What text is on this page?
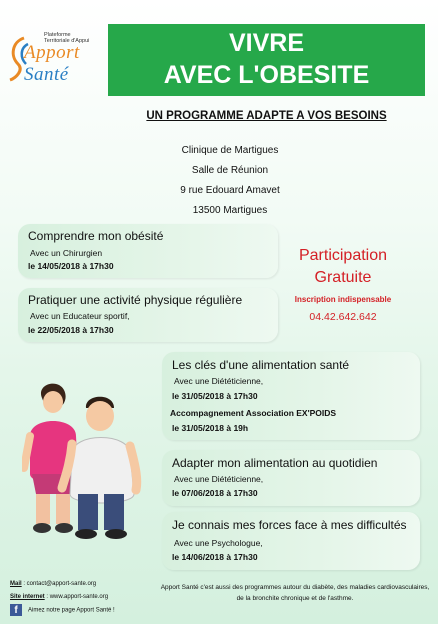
Plateforme
Territoriale d'Appui
Apport
Santé
VIVRE
AVEC L'OBESITE
UN PROGRAMME ADAPTE A VOS BESOINS
Clinique de Martigues
Salle de Réunion
9 rue Edouard Amavet
13500 Martigues
Comprendre mon obésité
Avec un Chirurgien
le 14/05/2018 à 17h30
Pratiquer une activité physique régulière
Avec un Educateur sportif,
le 22/05/2018 à 17h30
Participation
Gratuite
Inscription indispensable
04.42.642.642
Les clés d'une alimentation santé
Avec une Diététicienne,
le 31/05/2018 à 17h30
Accompagnement Association EX'POIDS
le 31/05/2018 à 19h
Adapter mon alimentation au quotidien
Avec une Diététicienne,
le 07/06/2018 à 17h30
Je connais mes forces face à mes difficultés
Avec une Psychologue,
le 14/06/2018 à 17h30
Mail : contact@apport-sante.org
Site internet : www.apport-sante.org
f Aimez notre page Apport Santé !
Apport Santé c'est aussi des programmes autour du diabète, des maladies cardiovasculaires, de la bronchite chronique et de l'asthme.
